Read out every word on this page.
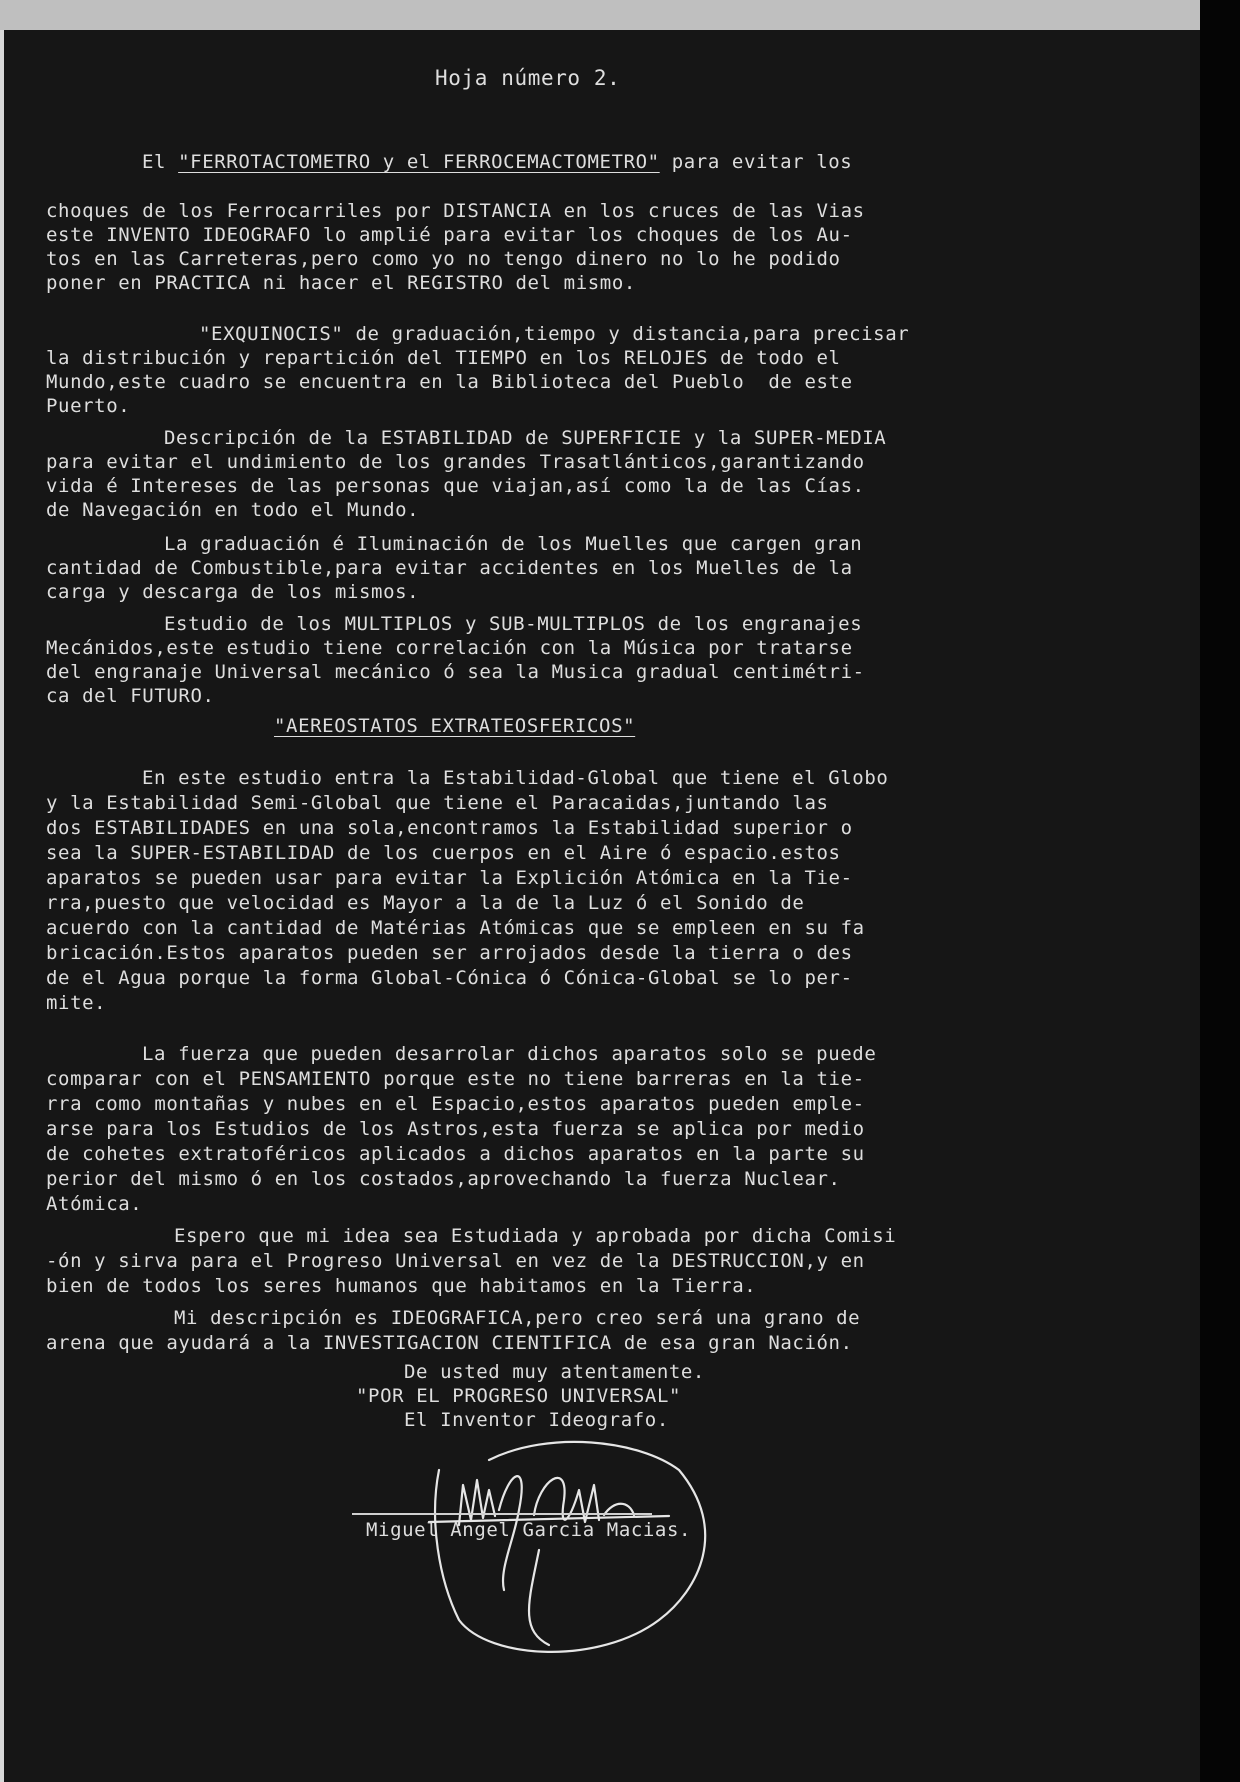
Hoja número 2.
El "FERROTACTOMETRO y el FERROCEMACTOMETRO" para evitar los
choques de los Ferrocarriles por DISTANCIA en los cruces de las Vias
este INVENTO IDEOGRAFO lo amplié para evitar los choques de los Au-
tos en las Carreteras,pero como yo no tengo dinero no lo he podido
poner en PRACTICA ni hacer el REGISTRO del mismo.
"EXQUINOCIS" de graduación,tiempo y distancia,para precisar
la distribución y repartición del TIEMPO en los RELOJES de todo el
Mundo,este cuadro se encuentra en la Biblioteca del Pueblo  de este
Puerto.
Descripción de la ESTABILIDAD de SUPERFICIE y la SUPER-MEDIA
para evitar el undimiento de los grandes Trasatlánticos,garantizando
vida é Intereses de las personas que viajan,así como la de las Cías.
de Navegación en todo el Mundo.
La graduación é Iluminación de los Muelles que cargen gran
cantidad de Combustible,para evitar accidentes en los Muelles de la
carga y descarga de los mismos.
Estudio de los MULTIPLOS y SUB-MULTIPLOS de los engranajes
Mecánidos,este estudio tiene correlación con la Música por tratarse
del engranaje Universal mecánico ó sea la Musica gradual centimétri-
ca del FUTURO.
"AEREOSTATOS EXTRATEOSFERICOS"
En este estudio entra la Estabilidad-Global que tiene el Globo
y la Estabilidad Semi-Global que tiene el Paracaidas,juntando las
dos ESTABILIDADES en una sola,encontramos la Estabilidad superior o
sea la SUPER-ESTABILIDAD de los cuerpos en el Aire ó espacio.estos
aparatos se pueden usar para evitar la Explición Atómica en la Tie-
rra,puesto que velocidad es Mayor a la de la Luz ó el Sonido de
acuerdo con la cantidad de Matérias Atómicas que se empleen en su fa
bricación.Estos aparatos pueden ser arrojados desde la tierra o des
de el Agua porque la forma Global-Cónica ó Cónica-Global se lo per-
mite.
La fuerza que pueden desarrolar dichos aparatos solo se puede
comparar con el PENSAMIENTO porque este no tiene barreras en la tie-
rra como montañas y nubes en el Espacio,estos aparatos pueden emple-
arse para los Estudios de los Astros,esta fuerza se aplica por medio
de cohetes extratoféricos aplicados a dichos aparatos en la parte su
perior del mismo ó en los costados,aprovechando la fuerza Nuclear.
Atómica.
Espero que mi idea sea Estudiada y aprobada por dicha Comisi
-ón y sirva para el Progreso Universal en vez de la DESTRUCCION,y en
bien de todos los seres humanos que habitamos en la Tierra.
Mi descripción es IDEOGRAFICA,pero creo será una grano de
arena que ayudará a la INVESTIGACION CIENTIFICA de esa gran Nación.
De usted muy atentamente.
"POR EL PROGRESO UNIVERSAL"
El Inventor Ideografo.
Miguel Angel Garcia Macias.
